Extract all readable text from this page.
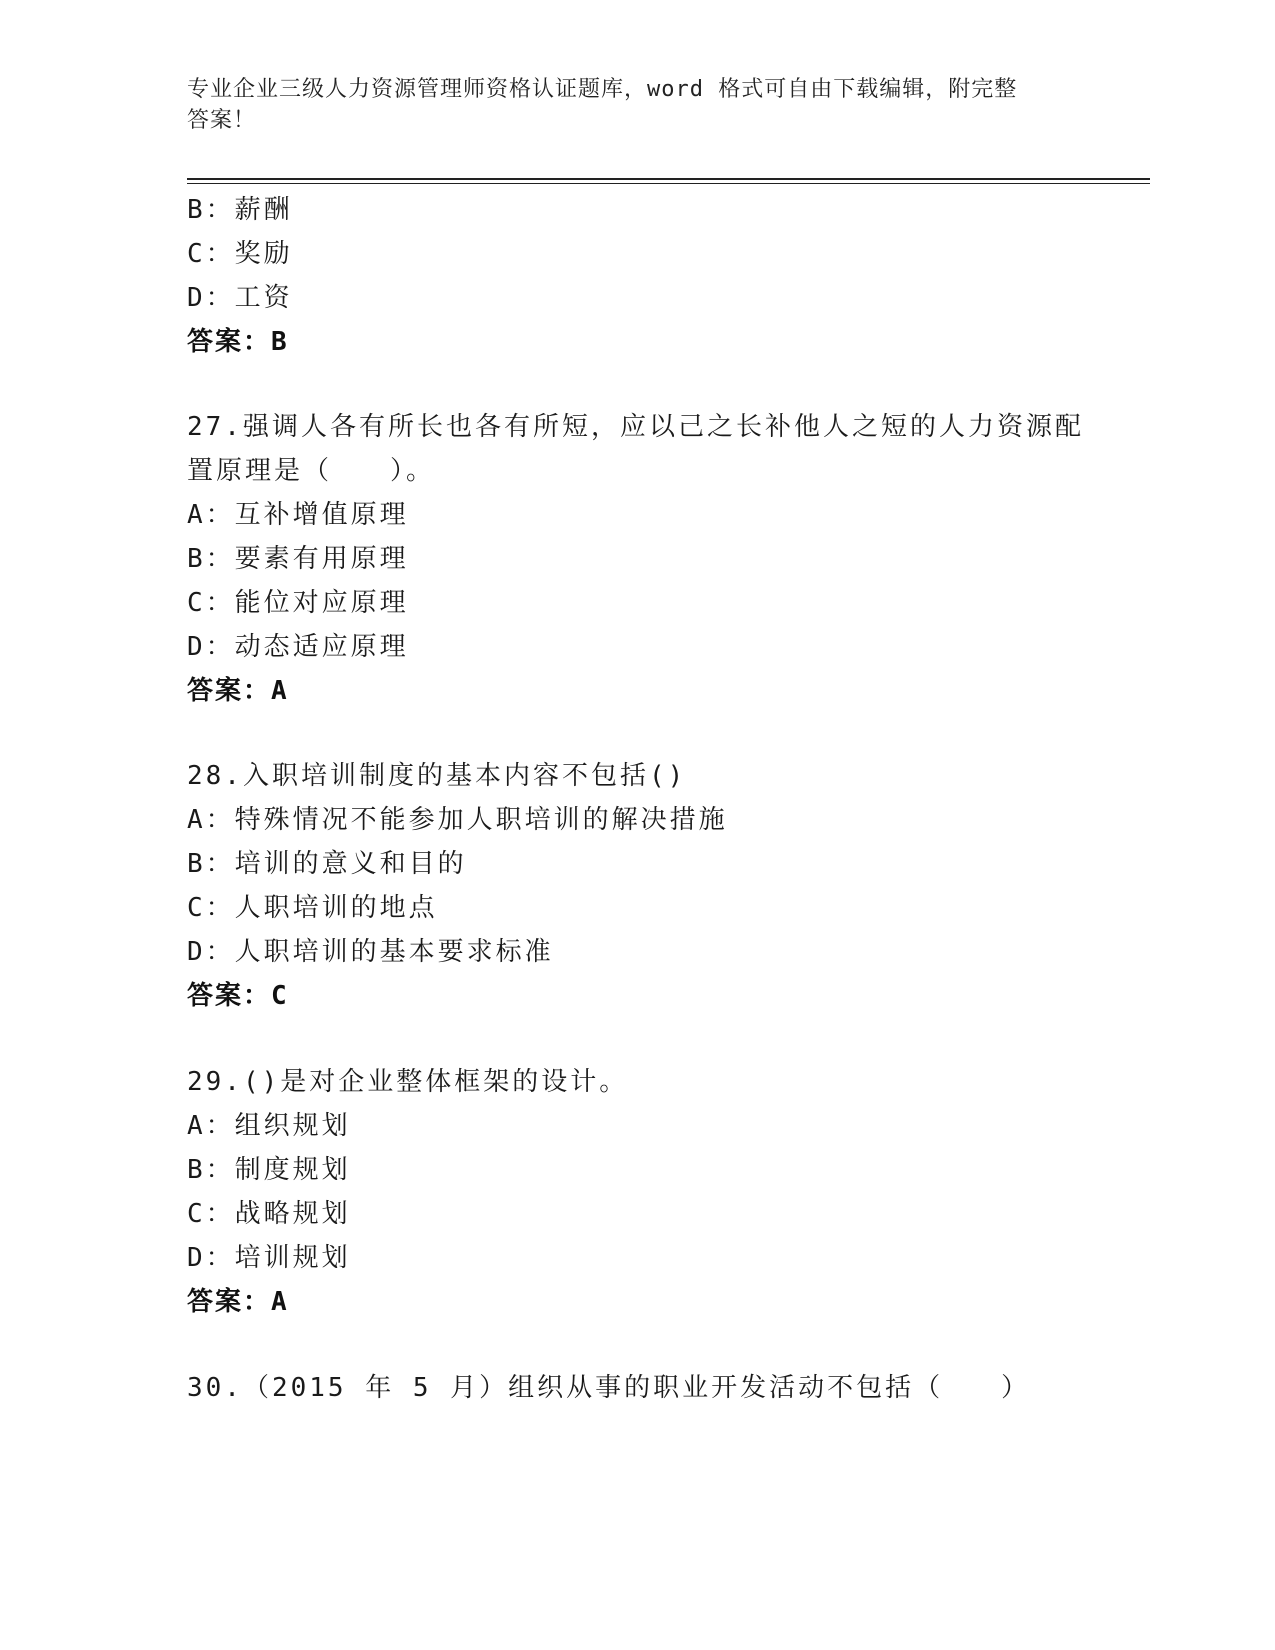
专业企业三级人力资源管理师资格认证题库，word 格式可自由下载编辑，附完整
答案！
B：薪酬
C：奖励
D：工资
答案：B
27.强调人各有所长也各有所短，应以己之长补他人之短的人力资源配
置原理是（　　）。
A：互补增值原理
B：要素有用原理
C：能位对应原理
D：动态适应原理
答案：A
28.入职培训制度的基本内容不包括()
A：特殊情况不能参加人职培训的解决措施
B：培训的意义和目的
C：人职培训的地点
D：人职培训的基本要求标准
答案：C
29.()是对企业整体框架的设计。
A：组织规划
B：制度规划
C：战略规划
D：培训规划
答案：A
30.（2015 年 5 月）组织从事的职业开发活动不包括（　　）
